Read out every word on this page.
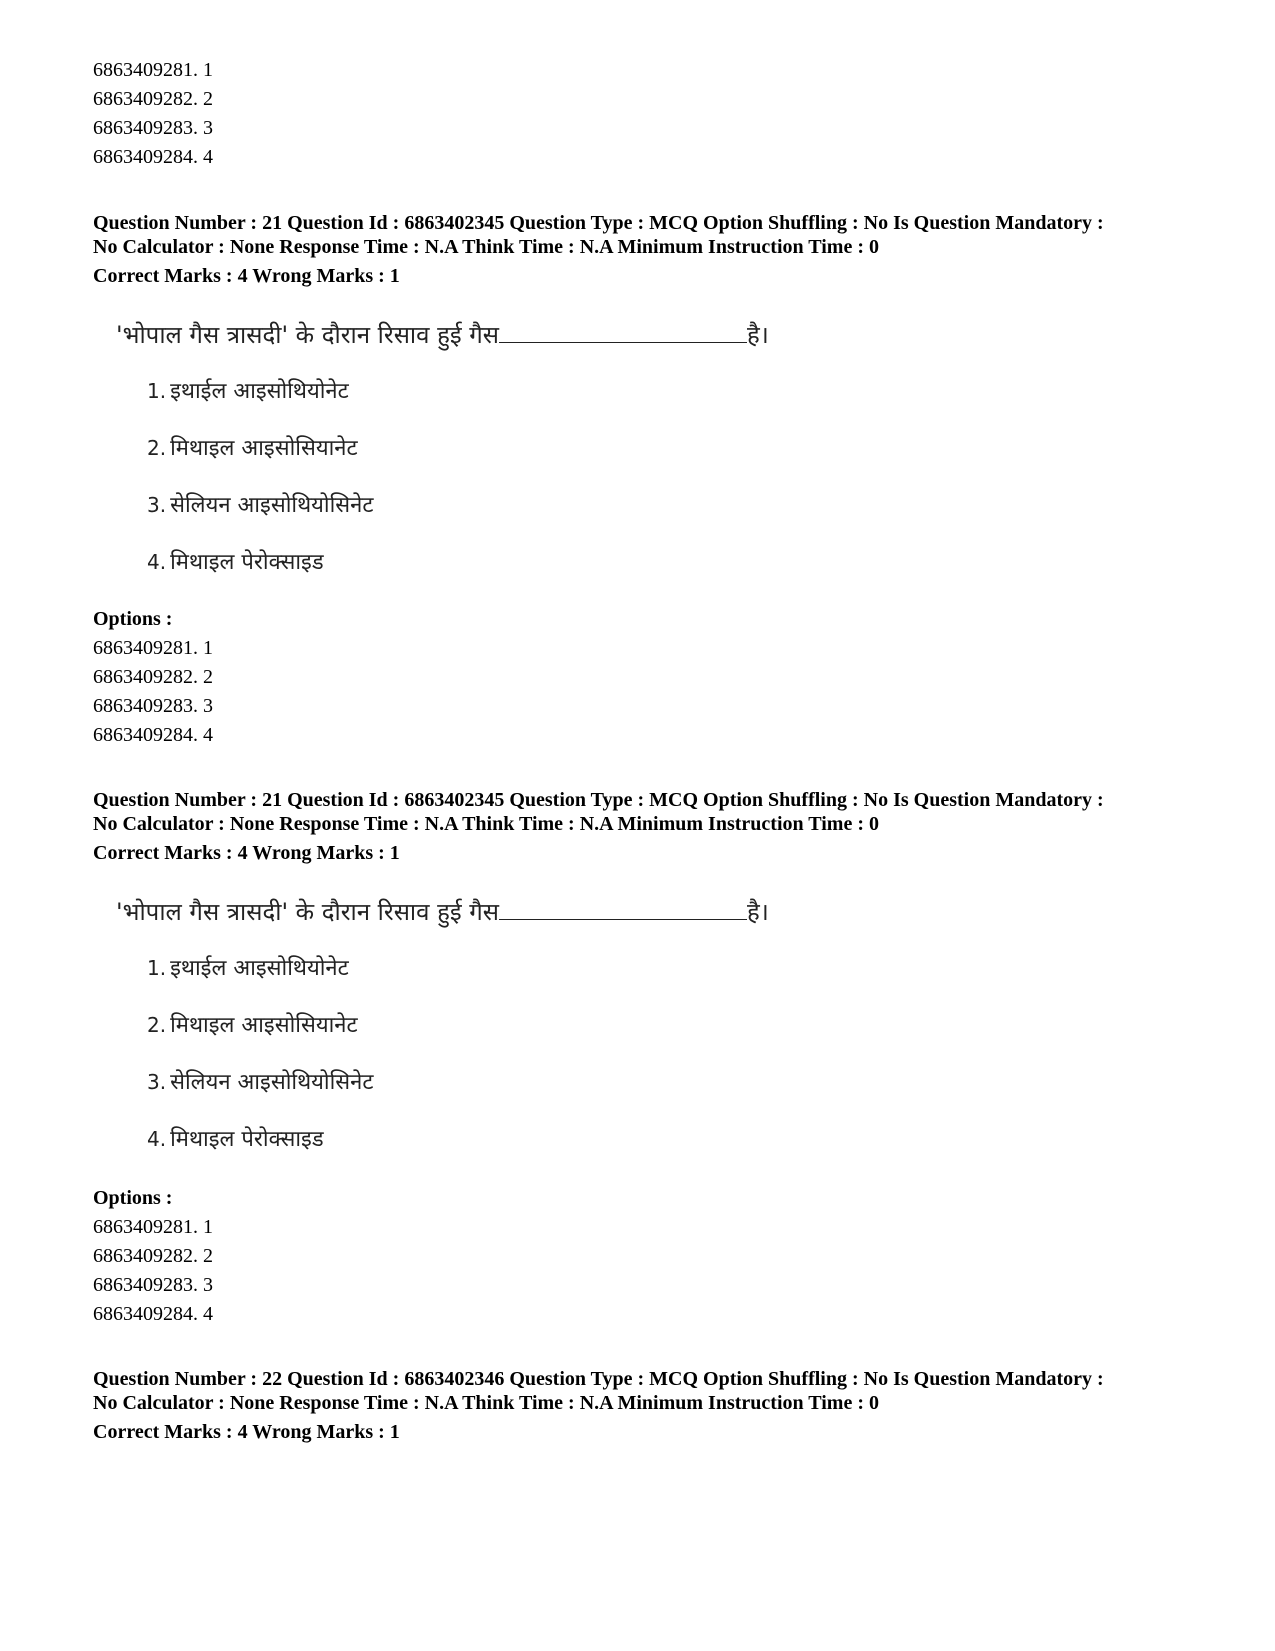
6863409281. 1
6863409282. 2
6863409283. 3
6863409284. 4
Question Number : 21 Question Id : 6863402345 Question Type : MCQ Option Shuffling : No Is Question Mandatory :
No Calculator : None Response Time : N.A Think Time : N.A Minimum Instruction Time : 0
Correct Marks : 4 Wrong Marks : 1
'भोपाल गैस त्रासदी' के दौरान रिसाव हुई गैस	है।
1. इथाईल आइसोथियोनेट
2. मिथाइल आइसोसियानेट
3. सेलियन आइसोथियोसिनेट
4. मिथाइल पेरोक्साइड
Options :
6863409281. 1
6863409282. 2
6863409283. 3
6863409284. 4
Question Number : 21 Question Id : 6863402345 Question Type : MCQ Option Shuffling : No Is Question Mandatory :
No Calculator : None Response Time : N.A Think Time : N.A Minimum Instruction Time : 0
Correct Marks : 4 Wrong Marks : 1
'भोपाल गैस त्रासदी' के दौरान रिसाव हुई गैस	है।
1. इथाईल आइसोथियोनेट
2. मिथाइल आइसोसियानेट
3. सेलियन आइसोथियोसिनेट
4. मिथाइल पेरोक्साइड
Options :
6863409281. 1
6863409282. 2
6863409283. 3
6863409284. 4
Question Number : 22 Question Id : 6863402346 Question Type : MCQ Option Shuffling : No Is Question Mandatory :
No Calculator : None Response Time : N.A Think Time : N.A Minimum Instruction Time : 0
Correct Marks : 4 Wrong Marks : 1
